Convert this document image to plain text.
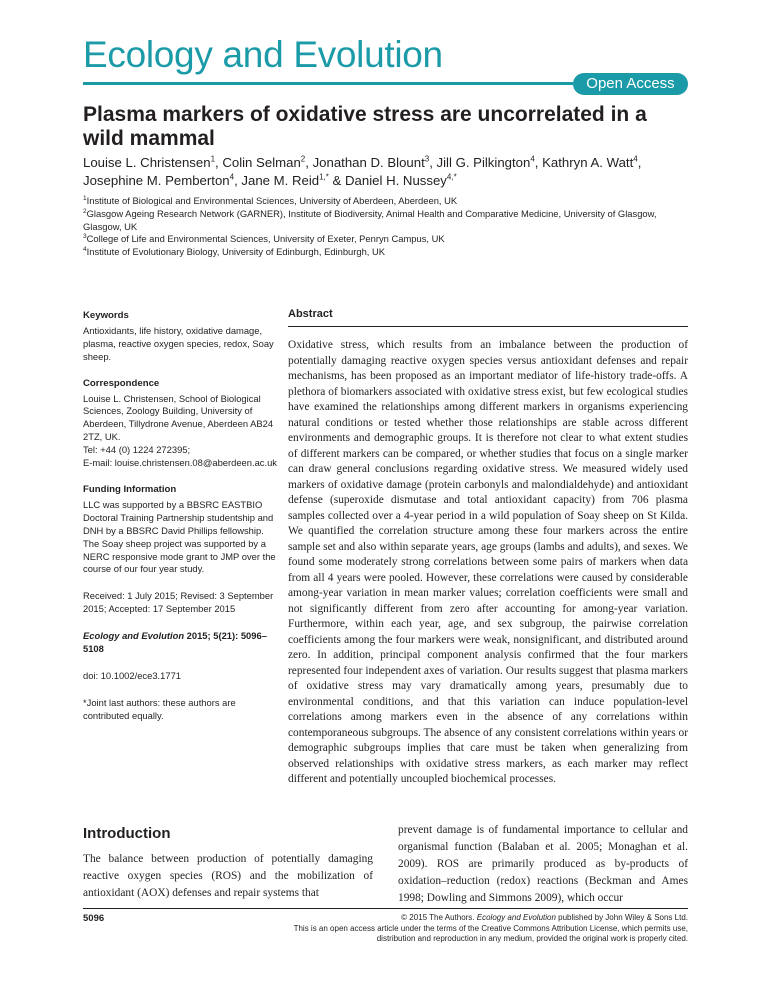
Ecology and Evolution
Open Access
Plasma markers of oxidative stress are uncorrelated in a wild mammal

Louise L. Christensen$^1$, Colin Selman$^2$, Jonathan D. Blount$^3$, Jill G. Pilkington$^4$, Kathryn A. Watt$^4$,
Josephine M. Pemberton$^4$, Jane M. Reid$^{1,*}$ & Daniel H. Nussey$^{4,*}$

$^1$Institute of Biological and Environmental Sciences, University of Aberdeen, Aberdeen, UK

$^2$Glasgow Ageing Research Network (GARNER), Institute of Biodiversity, Animal Health and Comparative Medicine, University of Glasgow, Glasgow, UK

$^3$College of Life and Environmental Sciences, University of Exeter, Penryn Campus, UK

$^4$Institute of Evolutionary Biology, University of Edinburgh, Edinburgh, UK

Keywords

Antioxidants, life history, oxidative damage, plasma, reactive oxygen species, redox, Soay sheep.

Correspondence

Louise L. Christensen, School of Biological Sciences, Zoology Building, University of Aberdeen, Tillydrone Avenue, Aberdeen AB24 2TZ, UK.

Tel: +44 (0) 1224 272395;

E-mail: louise.christensen.08@aberdeen.ac.uk

Funding Information

LLC was supported by a BBSRC EASTBIO Doctoral Training Partnership studentship and DNH by a BBSRC David Phillips fellowship. The Soay sheep project was supported by a NERC responsive mode grant to JMP over the course of our four year study.

Received: 1 July 2015; Revised: 3 September 2015; Accepted: 17 September 2015

Ecology and Evolution 2015; 5(21): 5096–5108

doi: 10.1002/ece3.1771

*Joint last authors: these authors are contributed equally.

Abstract

Oxidative stress, which results from an imbalance between the production of potentially damaging reactive oxygen species versus antioxidant defenses and repair mechanisms, has been proposed as an important mediator of life-history trade-offs. A plethora of biomarkers associated with oxidative stress exist, but few ecological studies have examined the relationships among different markers in organisms experiencing natural conditions or tested whether those relationships are stable across different environments and demographic groups. It is therefore not clear to what extent studies of different markers can be compared, or whether studies that focus on a single marker can draw general conclusions regarding oxidative stress. We measured widely used markers of oxidative damage (protein carbonyls and malondialdehyde) and antioxidant defense (superoxide dismutase and total antioxidant capacity) from 706 plasma samples collected over a 4-year period in a wild population of Soay sheep on St Kilda. We quantified the correlation structure among these four markers across the entire sample set and also within separate years, age groups (lambs and adults), and sexes. We found some moderately strong correlations between some pairs of markers when data from all 4 years were pooled. However, these correlations were caused by considerable among-year variation in mean marker values; correlation coefficients were small and not significantly different from zero after accounting for among-year variation. Furthermore, within each year, age, and sex subgroup, the pairwise correlation coefficients among the four markers were weak, nonsignificant, and distributed around zero. In addition, principal component analysis confirmed that the four markers represented four independent axes of variation. Our results suggest that plasma markers of oxidative stress may vary dramatically among years, presumably due to environmental conditions, and that this variation can induce population-level correlations among markers even in the absence of any correlations within contemporaneous subgroups. The absence of any consistent correlations within years or demographic subgroups implies that care must be taken when generalizing from observed relationships with oxidative stress markers, as each marker may reflect different and potentially uncoupled biochemical processes.

Introduction

The balance between production of potentially damaging reactive oxygen species (ROS) and the mobilization of antioxidant (AOX) defenses and repair systems that

prevent damage is of fundamental importance to cellular and organismal function (Balaban et al. 2005; Monaghan et al. 2009). ROS are primarily produced as by-products of oxidation–reduction (redox) reactions (Beckman and Ames 1998; Dowling and Simmons 2009), which occur

5096	© 2015 The Authors. Ecology and Evolution published by John Wiley & Sons Ltd.

This is an open access article under the terms of the Creative Commons Attribution License, which permits use,

distribution and reproduction in any medium, provided the original work is properly cited.
